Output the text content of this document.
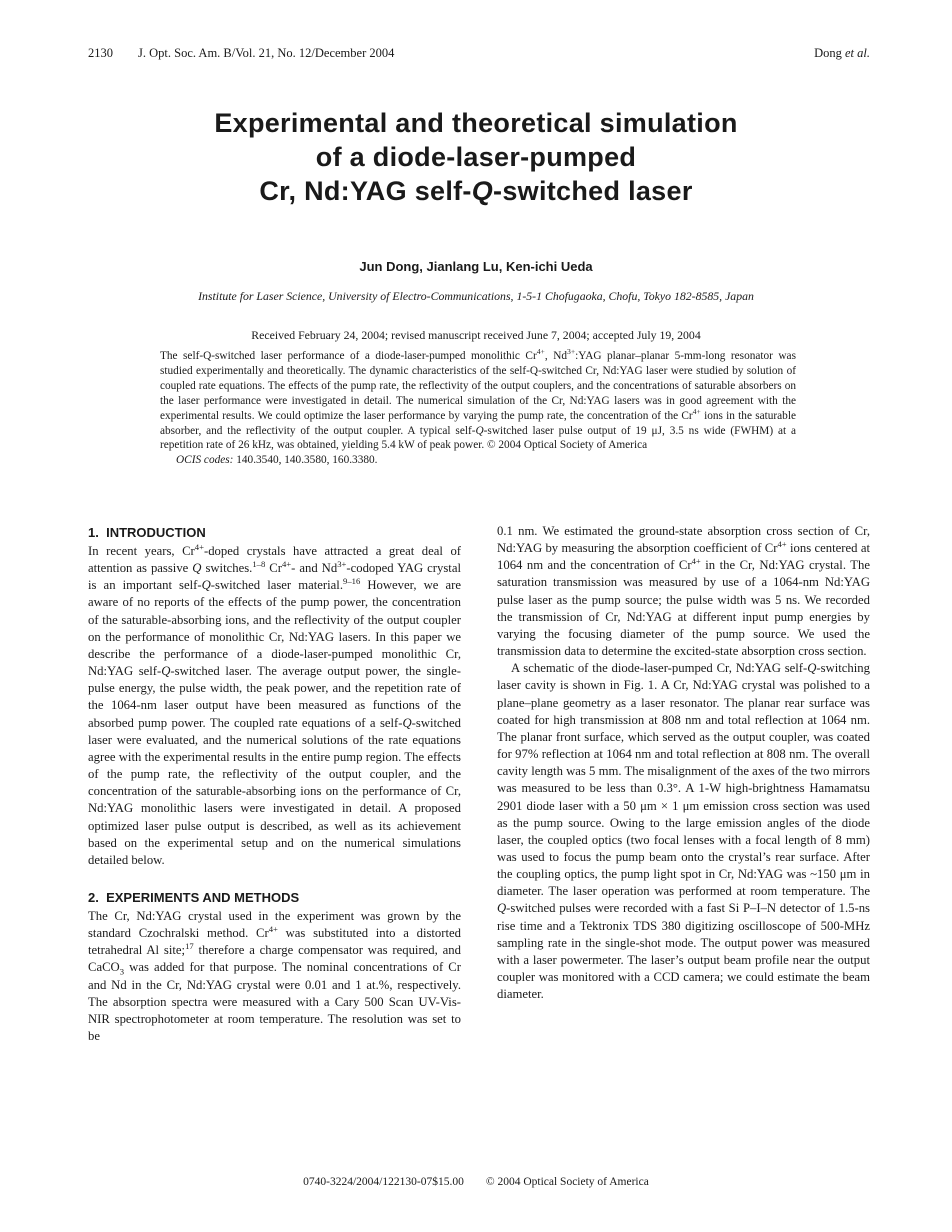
2130 J. Opt. Soc. Am. B/Vol. 21, No. 12/December 2004	Dong et al.
Experimental and theoretical simulation
of a diode-laser-pumped
Cr, Nd:YAG self-Q-switched laser
Jun Dong, Jianlang Lu, Ken-ichi Ueda
Institute for Laser Science, University of Electro-Communications, 1-5-1 Chofugaoka, Chofu, Tokyo 182-8585, Japan
Received February 24, 2004; revised manuscript received June 7, 2004; accepted July 19, 2004

The self-Q-switched laser performance of a diode-laser-pumped monolithic $Cr^{4+}$, $Nd^{3+}:YAG$ planar–planar 5-mm-long resonator was studied experimentally and theoretically. The dynamic characteristics of the self-Q-switched Cr, Nd:YAG laser were studied by solution of coupled rate equations. The effects of the pump rate, the reflectivity of the output couplers, and the concentrations of saturable absorbers on the laser performance were investigated in detail. The numerical simulation of the Cr, Nd:YAG lasers was in good agreement with the experimental results. We could optimize the laser performance by varying the pump rate, the concentration of the $Cr^{4+}$ ions in the saturable absorber, and the reflectivity of the output coupler. A typical self-Q-switched laser pulse output of 19 μJ, 3.5 ns wide (FWHM) at a repetition rate of 26 kHz, was obtained, yielding 5.4 kW of peak power. © 2004 Optical Society of America

OCIS codes: 140.3540, 140.3580, 160.3380.

1. INTRODUCTION

In recent years, $Cr^{4+}$-doped crystals have attracted a great deal of attention as passive Q switches.$^{1-8}$ $Cr^{4+}-$ and $Nd^{3+}$-codoped YAG crystal is an important self-Q-switched laser material.$^{9-16}$ However, we are aware of no reports of the effects of the pump power, the concentration of the saturable-absorbing ions, and the reflectivity of the output coupler on the performance of monolithic Cr, Nd:YAG lasers. In this paper we describe the performance of a diode-laser-pumped monolithic Cr, Nd:YAG self-Q-switched laser. The average output power, the single-pulse energy, the pulse width, the peak power, and the repetition rate of the 1064-nm laser output have been measured as functions of the absorbed pump power. The coupled rate equations of a self-Q-switched laser were evaluated, and the numerical solutions of the rate equations agree with the experimental results in the entire pump region. The effects of the pump rate, the reflectivity of the output coupler, and the concentration of the saturable-absorbing ions on the performance of Cr, Nd:YAG monolithic lasers were investigated in detail. A proposed optimized laser pulse output is described, as well as its achievement based on the experimental setup and on the numerical simulations detailed below.

2. EXPERIMENTS AND METHODS

The Cr, Nd:YAG crystal used in the experiment was grown by the standard Czochralski method. $Cr^{4+}$ was substituted into a distorted tetrahedral Al site;$^{17}$ therefore a charge compensator was required, and CaCO$_3$ was added for that purpose. The nominal concentrations of Cr and Nd in the Cr, Nd:YAG crystal were 0.01 and 1 at.%, respectively. The absorption spectra were measured with a Cary 500 Scan UV-Vis-NIR spectrophotometer at room temperature. The resolution was set to be

0.1 nm. We estimated the ground-state absorption cross section of Cr, Nd:YAG by measuring the absorption coefficient of $Cr^{4+}$ ions centered at 1064 nm and the concentration of $Cr^{4+}$ in the Cr, Nd:YAG crystal. The saturation transmission was measured by use of a 1064-nm Nd:YAG pulse laser as the pump source; the pulse width was 5 ns. We recorded the transmission of Cr, Nd:YAG at different input pump energies by varying the focusing diameter of the pump source. We used the transmission data to determine the excited-state absorption cross section.

A schematic of the diode-laser-pumped Cr, Nd:YAG self-Q-switching laser cavity is shown in Fig. 1. A Cr, Nd:YAG crystal was polished to a plane–plane geometry as a laser resonator. The planar rear surface was coated for high transmission at 808 nm and total reflection at 1064 nm. The planar front surface, which served as the output coupler, was coated for 97% reflection at 1064 nm and total reflection at 808 nm. The overall cavity length was 5 mm. The misalignment of the axes of the two mirrors was measured to be less than 0.3°. A 1-W high-brightness Hamamatsu 2901 diode laser with a 50 μm × 1 μm emission cross section was used as the pump source. Owing to the large emission angles of the diode laser, the coupled optics (two focal lenses with a focal length of 8 mm) was used to focus the pump beam onto the crystal’s rear surface. After the coupling optics, the pump light spot in Cr, Nd:YAG was ~150 μm in diameter. The laser operation was performed at room temperature. The Q-switched pulses were recorded with a fast Si P–I–N detector of 1.5-ns rise time and a Tektronix TDS 380 digitizing oscilloscope of 500-MHz sampling rate in the single-shot mode. The output power was measured with a laser powermeter. The laser’s output beam profile near the output coupler was monitored with a CCD camera; we could estimate the beam diameter.

0740-3224/2004/122130-07$15.00 © 2004 Optical Society of America
